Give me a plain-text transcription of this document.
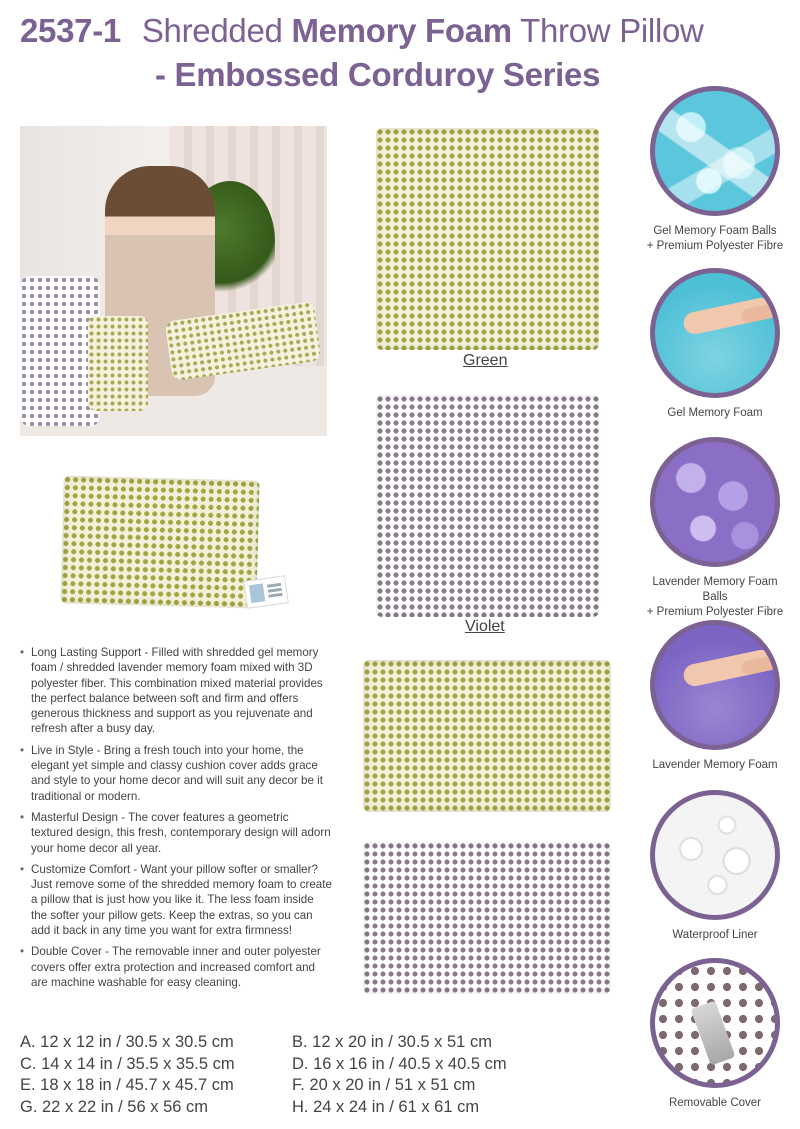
2537-1 Shredded Memory Foam Throw Pillow
- Embossed Corduroy Series
Green
Violet
Gel Memory Foam Balls
+ Premium Polyester Fibre
Gel Memory Foam
Lavender Memory Foam Balls
+ Premium Polyester Fibre
Lavender Memory Foam
Waterproof Liner
Removable Cover
• Long Lasting Support - Filled with shredded gel memory foam / shredded lavender memory foam mixed with 3D polyester fiber. This combination mixed material provides the perfect balance between soft and firm and offers generous thickness and support as you rejuvenate and refresh after a busy day.
• Live in Style - Bring a fresh touch into your home, the elegant yet simple and classy cushion cover adds grace and style to your home decor and will suit any decor be it traditional or modern.
• Masterful Design - The cover features a geometric textured design, this fresh, contemporary design will adorn your home decor all year.
• Customize Comfort - Want your pillow softer or smaller? Just remove some of the shredded memory foam to create a pillow that is just how you like it. The less foam inside the softer your pillow gets. Keep the extras, so you can add it back in any time you want for extra firmness!
• Double Cover - The removable inner and outer polyester covers offer extra protection and increased comfort and are machine washable for easy cleaning.
A. 12 x 12 in / 30.5 x 30.5 cm	B. 12 x 20 in / 30.5 x 51 cm
C. 14 x 14 in / 35.5 x 35.5 cm	D. 16 x 16 in / 40.5 x 40.5 cm
E. 18 x 18 in / 45.7 x 45.7 cm	F. 20 x 20 in / 51 x 51 cm
G. 22 x 22 in / 56 x 56 cm	H. 24 x 24 in / 61 x 61 cm
